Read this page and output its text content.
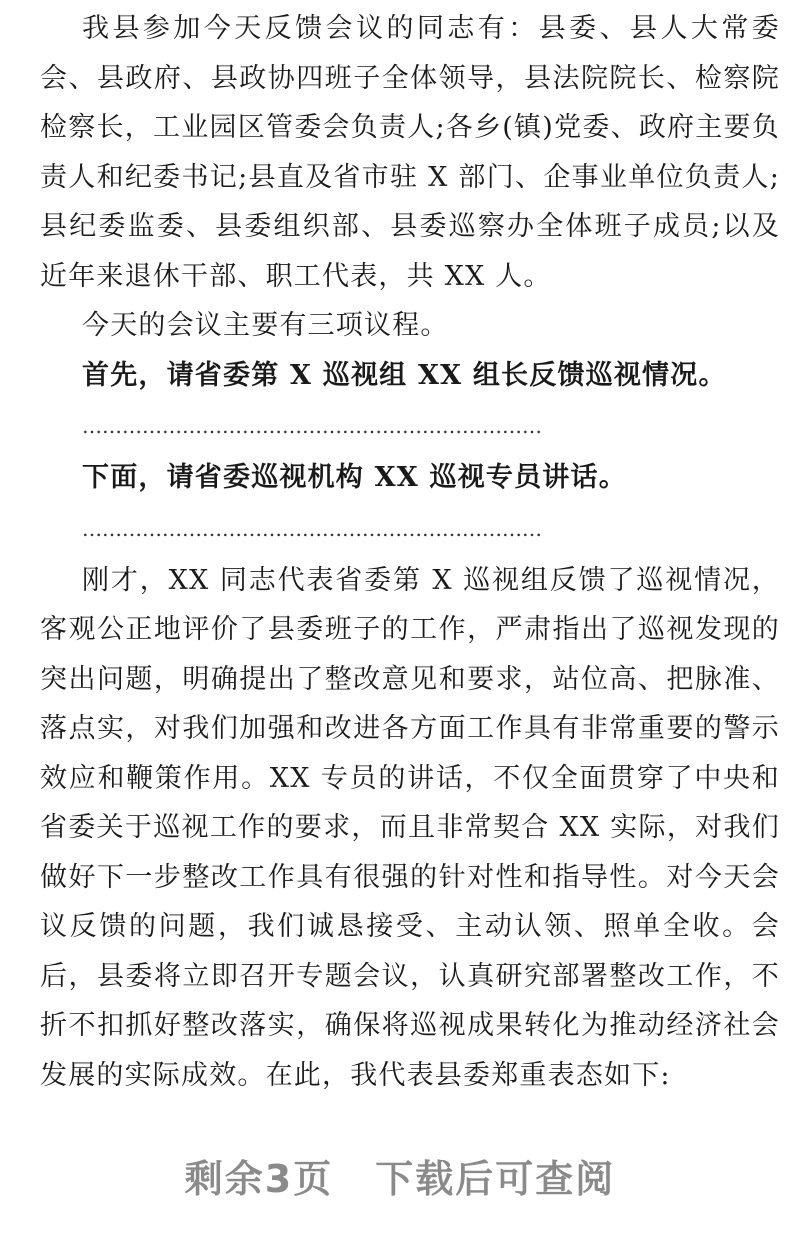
我县参加今天反馈会议的同志有：县委、县人大常委会、县政府、县政协四班子全体领导，县法院院长、检察院检察长，工业园区管委会负责人;各乡(镇)党委、政府主要负责人和纪委书记;县直及省市驻 X 部门、企事业单位负责人;县纪委监委、县委组织部、县委巡察办全体班子成员;以及近年来退休干部、职工代表，共 XX 人。

今天的会议主要有三项议程。

首先，请省委第 X 巡视组 XX 组长反馈巡视情况。

……………………………………………………………

下面，请省委巡视机构 XX 巡视专员讲话。

……………………………………………………………

刚才，XX 同志代表省委第 X 巡视组反馈了巡视情况，客观公正地评价了县委班子的工作，严肃指出了巡视发现的突出问题，明确提出了整改意见和要求，站位高、把脉准、落点实，对我们加强和改进各方面工作具有非常重要的警示效应和鞭策作用。XX 专员的讲话，不仅全面贯穿了中央和省委关于巡视工作的要求，而且非常契合 XX 实际，对我们做好下一步整改工作具有很强的针对性和指导性。对今天会议反馈的问题，我们诚恳接受、主动认领、照单全收。会后，县委将立即召开专题会议，认真研究部署整改工作，不折不扣抓好整改落实，确保将巡视成果转化为推动经济社会发展的实际成效。在此，我代表县委郑重表态如下:

剩余3页 下载后可查阅
